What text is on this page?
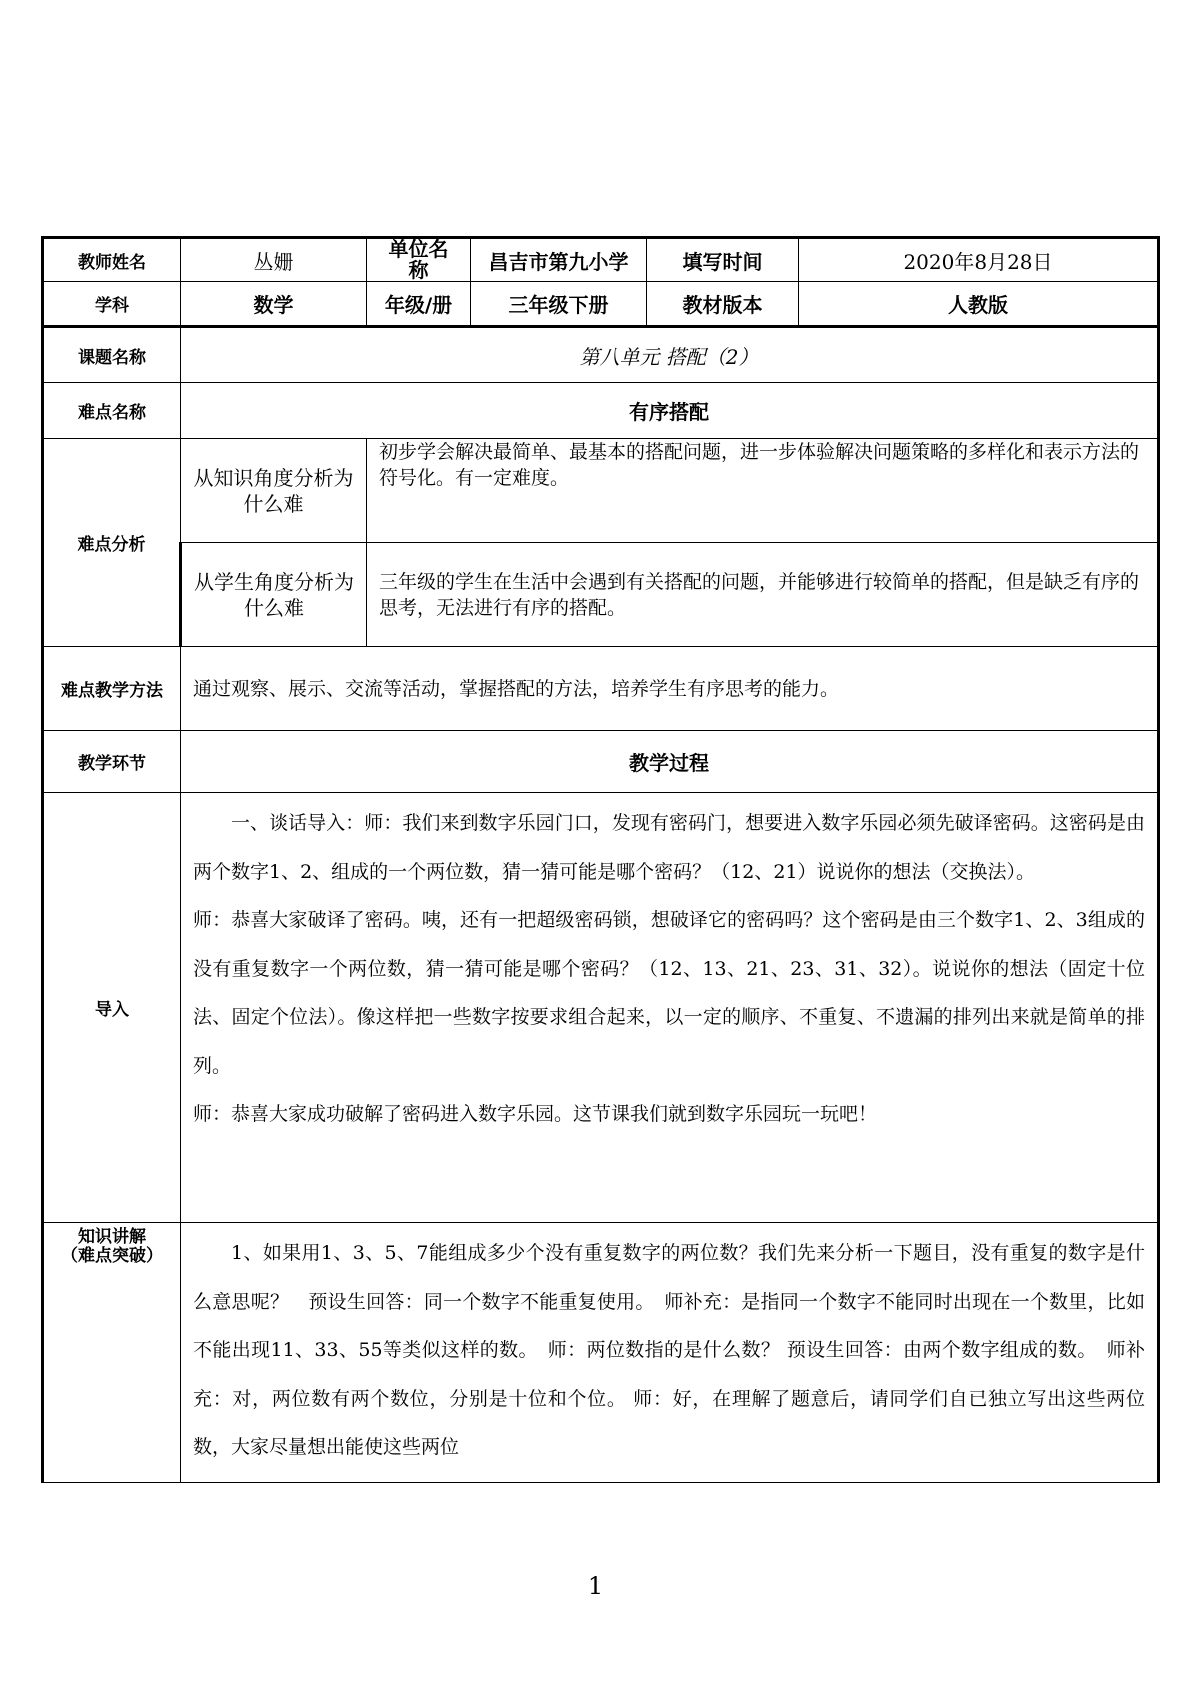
教师姓名	丛姗	单位名称	昌吉市第九小学	填写时间	2020年8月28日
学科	数学	年级/册	三年级下册	教材版本	人教版
课题名称	第八单元 搭配（2）				
难点名称	有序搭配				
难点分析	从知识角度分析为什么难	初步学会解决最简单、最基本的搭配问题，进一步体验解决问题策略的多样化和表示方法的符号化。有一定难度。			
	从学生角度分析为什么难	三年级的学生在生活中会遇到有关搭配的问题，并能够进行较简单的搭配，但是缺乏有序的思考，无法进行有序的搭配。			
难点教学方法	通过观察、展示、交流等活动，掌握搭配的方法，培养学生有序思考的能力。				
教学环节	教学过程				
导入	一、谈话导入：师：我们来到数字乐园门口，发现有密码门，想要进入数字乐园必须先破译密码。这密码是由两个数字1、2、组成的一个两位数，猜一猜可能是哪个密码？（12、21）说说你的想法（交换法）。

师：恭喜大家破译了密码。咦，还有一把超级密码锁，想破译它的密码吗？这个密码是由三个数字1、2、3组成的没有重复数字一个两位数，猜一猜可能是哪个密码？（12、13、21、23、31、32）。说说你的想法（固定十位法、固定个位法）。像这样把一些数字按要求组合起来，以一定的顺序、不重复、不遗漏的排列出来就是简单的排列。

师：恭喜大家成功破解了密码进入数字乐园。这节课我们就到数字乐园玩一玩吧！				

知识讲解
（难点突破）	1、如果用1、3、5、7能组成多少个没有重复数字的两位数？我们先来分析一下题目，没有重复的数字是什么意思呢？　预设生回答：同一个数字不能重复使用。　师补充：是指同一个数字不能同时出现在一个数里，比如不能出现11、33、55等类似这样的数。　师：两位数指的是什么数？ 预设生回答：由两个数字组成的数。　师补充：对，两位数有两个数位，分别是十位和个位。 师：好，在理解了题意后，请同学们自已独立写出这些两位数，大家尽量想出能使这些两位				

1
